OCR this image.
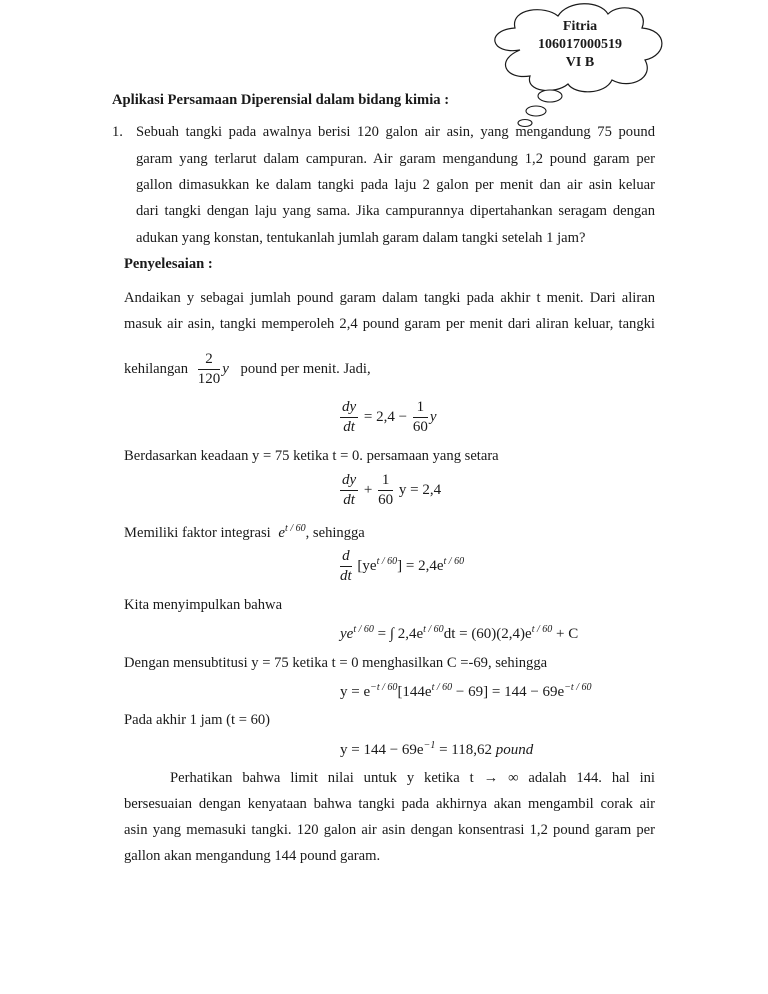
Fitria
106017000519
VI B
Aplikasi Persamaan Diperensial dalam bidang kimia :
1. Sebuah tangki pada awalnya berisi 120 galon air asin, yang mengandung 75 pound
garam yang terlarut dalam campuran. Air garam mengandung 1,2 pound garam per
gallon dimasukkan ke dalam tangki pada laju 2 galon per menit dan air asin keluar
dari tangki dengan laju yang sama. Jika campurannya dipertahankan seragam dengan
adukan yang konstan, tentukanlah jumlah garam dalam tangki setelah 1 jam?
Penyelesaian :
Andaikan y sebagai jumlah pound garam dalam tangki pada akhir t menit. Dari aliran
masuk air asin, tangki memperoleh 2,4 pound garam per menit dari aliran keluar, tangki
kehilangan $\frac{2}{120}$ y pound per menit. Jadi,
$\frac{dy}{dt} = 2,4 - \frac{1}{60}$ y
Berdasarkan keadaan y = 75 ketika t = 0. persamaan yang setara
$\frac{dy}{dt} + \frac{1}{60}$ y = 2,4
Memiliki faktor integrasi $e^{t / 60}$, sehingga
$\frac{d}{dt} [ye^{t / 60}] = 2,4e^{t / 60}$
Kita menyimpulkan bahwa
$ye^{t / 60}$ = ∫ $2,4e^{t / 60}dt = (60)(2,4)e^{t / 60} + C$
Dengan mensubtitusi y = 75 ketika t = 0 menghasilkan C =-69, sehingga
$y = e^{-t / 60}[144e^{t / 60} - 69] = 144 - 69e^{-t / 60}$
Pada akhir 1 jam (t = 60)
$y = 144 - 69e^{-1} = 118,62$ pound
Perhatikan bahwa limit nilai untuk y ketika t → ∞ adalah 144. hal ini
bersesuaian dengan kenyataan bahwa tangki pada akhirnya akan mengambil corak air
asin yang memasuki tangki. 120 galon air asin dengan konsentrasi 1,2 pound garam per
gallon akan mengandung 144 pound garam.
